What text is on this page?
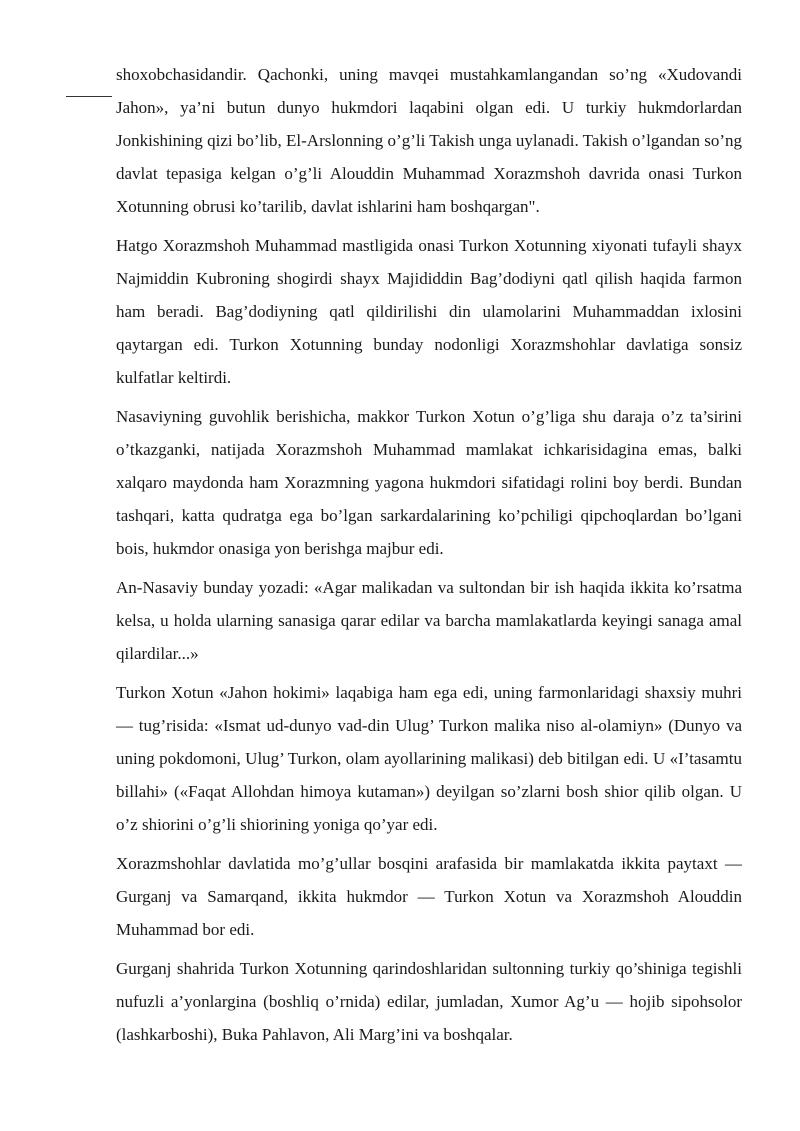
shoxobchasidandir. Qachonki, uning mavqei mustahkamlangandan so’ng «Xudovandi Jahon», ya’ni butun dunyo hukmdori laqabini olgan edi. U turkiy hukmdorlardan Jonkishining qizi bo’lib, El-Arslonning o’g’li Takish unga uylanadi. Takish o’lgandan so’ng davlat tepasiga kelgan o’g’li Alouddin Muhammad Xorazmshoh davrida onasi Turkon Xotunning obrusi ko’tarilib, davlat ishlarini ham boshqargan".

Hatgo Xorazmshoh Muhammad mastligida onasi Turkon Xotunning xiyonati tufayli shayx Najmiddin Kubroning shogirdi shayx Majididdin Bag’dodiyni qatl qilish haqida farmon ham beradi. Bag’dodiyning qatl qildirilishi din ulamolarini Muhammaddan ixlosini qaytargan edi. Turkon Xotunning bunday nodonligi Xorazmshohlar davlatiga sonsiz kulfatlar keltirdi.

Nasaviyning guvohlik berishicha, makkor Turkon Xotun o’g’liga shu daraja o’z ta’sirini o’tkazganki, natijada Xorazmshoh Muhammad mamlakat ichkarisidagina emas, balki xalqaro maydonda ham Xorazmning yagona hukmdori sifatidagi rolini boy berdi. Bundan tashqari, katta qudratga ega bo’lgan sarkardalarining ko’pchiligi qipchoqlardan bo’lgani bois, hukmdor onasiga yon berishga majbur edi.

An-Nasaviy bunday yozadi: «Agar malikadan va sultondan bir ish haqida ikkita ko’rsatma kelsa, u holda ularning sanasiga qarar edilar va barcha mamlakatlarda keyingi sanaga amal qilardilar...»

Turkon Xotun «Jahon hokimi» laqabiga ham ega edi, uning farmonlaridagi shaxsiy muhri — tug’risida: «Ismat ud-dunyo vad-din Ulug’ Turkon malika niso al-olamiyn» (Dunyo va uning pokdomoni, Ulug’ Turkon, olam ayollarining malikasi) deb bitilgan edi. U «I’tasamtu billahi» («Faqat Allohdan himoya kutaman») deyilgan so’zlarni bosh shior qilib olgan. U o’z shiorini o’g’li shiorining yoniga qo’yar edi.

Xorazmshohlar davlatida mo’g’ullar bosqini arafasida bir mamlakatda ikkita paytaxt — Gurganj va Samarqand, ikkita hukmdor — Turkon Xotun va Xorazmshoh Alouddin Muhammad bor edi.

Gurganj shahrida Turkon Xotunning qarindoshlaridan sultonning turkiy qo’shiniga tegishli nufuzli a’yonlargina (boshliq o’rnida) edilar, jumladan, Xumor Ag’u — hojib sipohsolor (lashkarboshi), Buka Pahlavon, Ali Marg’ini va boshqalar.
